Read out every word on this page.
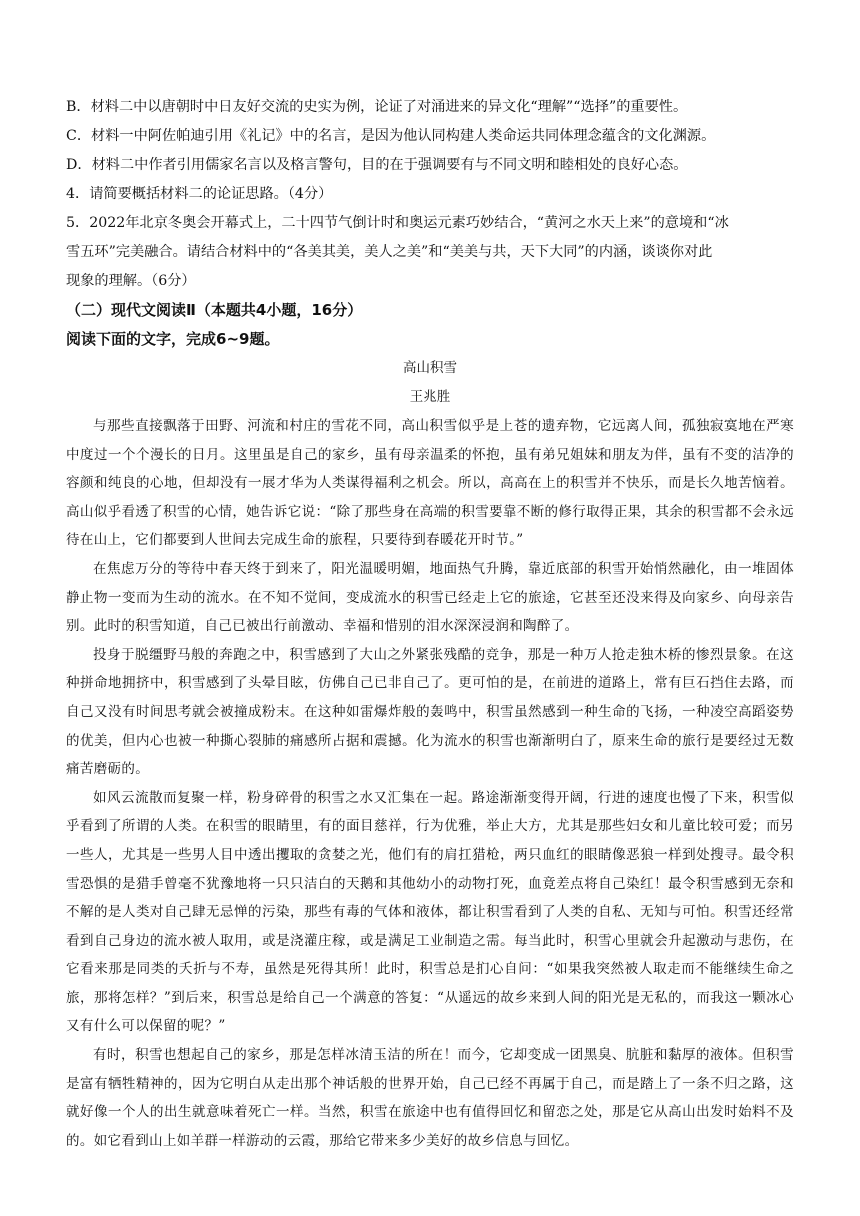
B．材料二中以唐朝时中日友好交流的史实为例，论证了对涌进来的异文化“理解”“选择”的重要性。
C．材料一中阿佐帕迪引用《礼记》中的名言，是因为他认同构建人类命运共同体理念蕴含的文化渊源。
D．材料二中作者引用儒家名言以及格言警句，目的在于强调要有与不同文明和睦相处的良好心态。
4．请简要概括材料二的论证思路。（4分）
5．2022年北京冬奥会开幕式上，二十四节气倒计时和奥运元素巧妙结合，“黄河之水天上来”的意境和“冰
雪五环”完美融合。请结合材料中的“各美其美，美人之美”和“美美与共，天下大同”的内涵，谈谈你对此
现象的理解。（6分）
（二）现代文阅读Ⅱ（本题共4小题，16分）
阅读下面的文字，完成6~9题。
高山积雪
王兆胜

与那些直接飘落于田野、河流和村庄的雪花不同，高山积雪似乎是上苍的遗弃物，它远离人间，孤独寂寞地在严寒中度过一个个漫长的日月。这里虽是自己的家乡，虽有母亲温柔的怀抱，虽有弟兄姐妹和朋友为伴，虽有不变的洁净的容颜和纯良的心地，但却没有一展才华为人类谋得福利之机会。所以，高高在上的积雪并不快乐，而是长久地苦恼着。高山似乎看透了积雪的心情，她告诉它说：“除了那些身在高端的积雪要靠不断的修行取得正果，其余的积雪都不会永远待在山上，它们都要到人世间去完成生命的旅程，只要待到春暖花开时节。”

在焦虑万分的等待中春天终于到来了，阳光温暖明媚，地面热气升腾，靠近底部的积雪开始悄然融化，由一堆固体静止物一变而为生动的流水。在不知不觉间，变成流水的积雪已经走上它的旅途，它甚至还没来得及向家乡、向母亲告别。此时的积雪知道，自己已被出行前激动、幸福和惜别的泪水深深浸润和陶醉了。

投身于脱缰野马般的奔跑之中，积雪感到了大山之外紧张残酷的竞争，那是一种万人抢走独木桥的惨烈景象。在这种拼命地拥挤中，积雪感到了头晕目眩，仿佛自己已非自己了。更可怕的是，在前进的道路上，常有巨石挡住去路，而自己又没有时间思考就会被撞成粉末。在这种如雷爆炸般的轰鸣中，积雪虽然感到一种生命的飞扬，一种凌空高蹈姿势的优美，但内心也被一种撕心裂肺的痛感所占据和震撼。化为流水的积雪也渐渐明白了，原来生命的旅行是要经过无数痛苦磨砺的。

如风云流散而复聚一样，粉身碎骨的积雪之水又汇集在一起。路途渐渐变得开阔，行进的速度也慢了下来，积雪似乎看到了所谓的人类。在积雪的眼睛里，有的面目慈祥，行为优雅，举止大方，尤其是那些妇女和儿童比较可爱；而另一些人，尤其是一些男人目中透出攫取的贪婪之光，他们有的肩扛猎枪，两只血红的眼睛像恶狼一样到处搜寻。最令积雪恐惧的是猎手曾毫不犹豫地将一只只洁白的天鹅和其他幼小的动物打死，血竟差点将自己染红！最令积雪感到无奈和不解的是人类对自己肆无忌惮的污染，那些有毒的气体和液体，都让积雪看到了人类的自私、无知与可怕。积雪还经常看到自己身边的流水被人取用，或是浇灌庄稼，或是满足工业制造之需。每当此时，积雪心里就会升起激动与悲伤，在它看来那是同类的夭折与不寿，虽然是死得其所！此时，积雪总是扪心自问：“如果我突然被人取走而不能继续生命之旅，那将怎样？”到后来，积雪总是给自己一个满意的答复：“从遥远的故乡来到人间的阳光是无私的，而我这一颗冰心又有什么可以保留的呢？”

有时，积雪也想起自己的家乡，那是怎样冰清玉洁的所在！而今，它却变成一团黑臭、肮脏和黏厚的液体。但积雪是富有牺牲精神的，因为它明白从走出那个神话般的世界开始，自己已经不再属于自己，而是踏上了一条不归之路，这就好像一个人的出生就意味着死亡一样。当然，积雪在旅途中也有值得回忆和留恋之处，那是它从高山出发时始料不及的。如它看到山上如羊群一样游动的云霞，那给它带来多少美好的故乡信息与回忆。
